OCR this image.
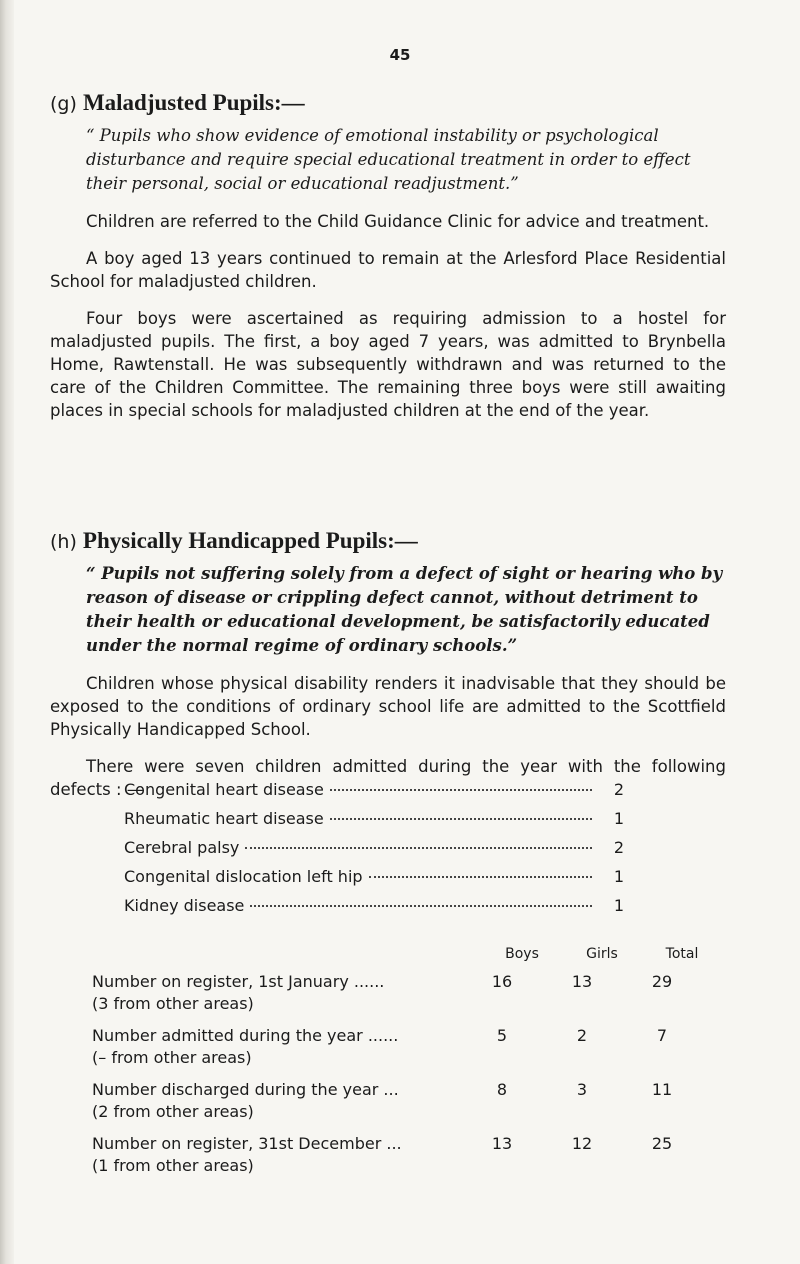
45

(g) Maladjusted Pupils:—

“ Pupils who show evidence of emotional instability or psychological disturbance and require special educational treatment in order to effect their personal, social or educational readjustment.”

Children are referred to the Child Guidance Clinic for advice and treatment.

A boy aged 13 years continued to remain at the Arlesford Place Residential School for maladjusted children.

Four boys were ascertained as requiring admission to a hostel for maladjusted pupils. The first, a boy aged 7 years, was admitted to Brynbella Home, Rawtenstall. He was subsequently withdrawn and was returned to the care of the Children Committee. The remaining three boys were still awaiting places in special schools for maladjusted children at the end of the year.

(h) Physically Handicapped Pupils:—

“ Pupils not suffering solely from a defect of sight or hearing who by reason of disease or crippling defect cannot, without detriment to their health or educational development, be satisfactorily educated under the normal regime of ordinary schools.”

Children whose physical disability renders it inadvisable that they should be exposed to the conditions of ordinary school life are admitted to the Scottfield Physically Handicapped School.

There were seven children admitted during the year with the following defects : —

Congenital heart disease	2
Rheumatic heart disease	1
Cerebral palsy	2
Congenital dislocation left hip	1
Kidney disease	1
Boys	Girls	Total
Number on register, 1st January ......	16	13	29
(3 from other areas)
Number admitted during the year ......	5	2	7
(– from other areas)
Number discharged during the year ...	8	3	11
(2 from other areas)
Number on register, 31st December ...	13	12	25
(1 from other areas)
